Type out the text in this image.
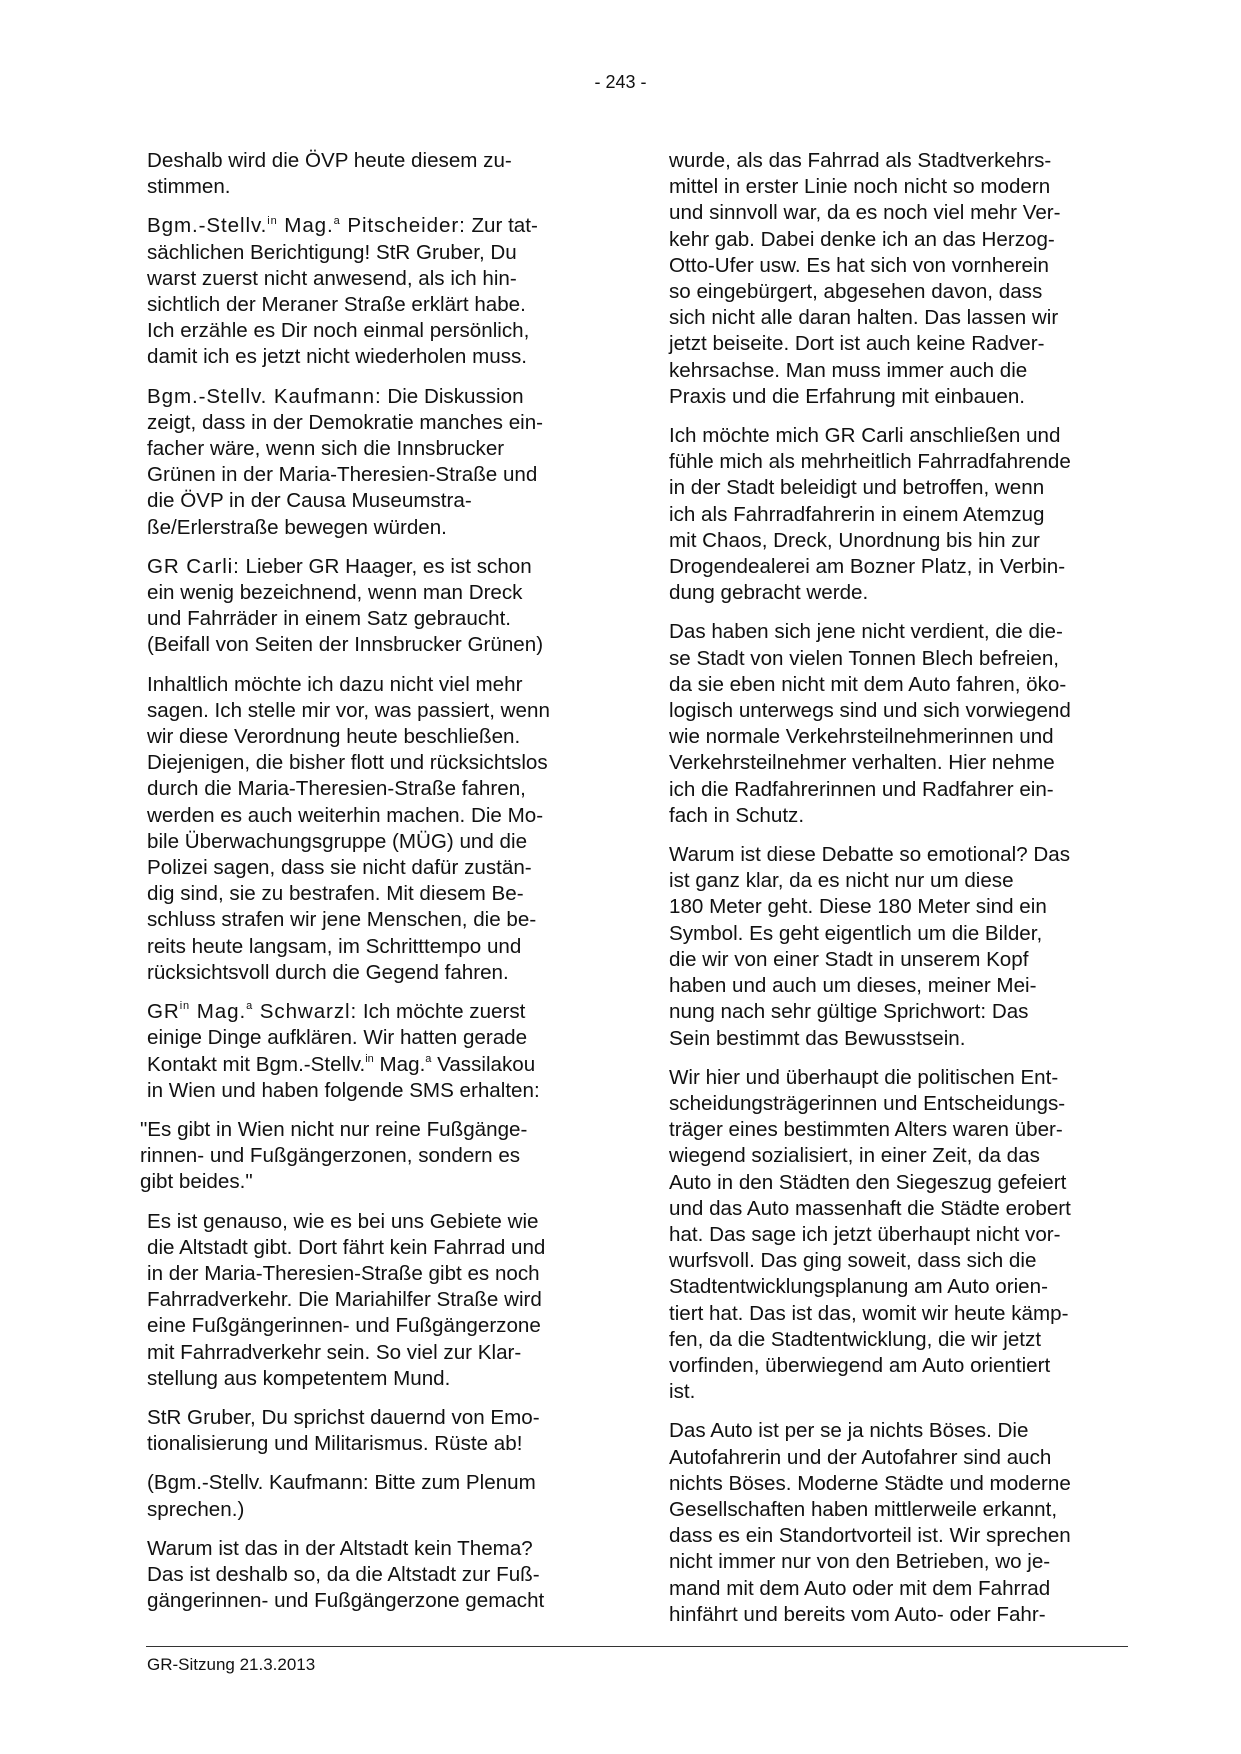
- 243 -
Deshalb wird die ÖVP heute diesem zu-
stimmen.
Bgm.-Stellv.$^{in}$ Mag.$^a$ Pitscheider: Zur tat-
sächlichen Berichtigung! StR Gruber, Du
warst zuerst nicht anwesend, als ich hin-
sichtlich der Meraner Straße erklärt habe.
Ich erzähle es Dir noch einmal persönlich,
damit ich es jetzt nicht wiederholen muss.
Bgm.-Stellv. Kaufmann: Die Diskussion
zeigt, dass in der Demokratie manches ein-
facher wäre, wenn sich die Innsbrucker
Grünen in der Maria-Theresien-Straße und
die ÖVP in der Causa Museumstra-
ße/Erlerstraße bewegen würden.
GR Carli: Lieber GR Haager, es ist schon
ein wenig bezeichnend, wenn man Dreck
und Fahrräder in einem Satz gebraucht.
(Beifall von Seiten der Innsbrucker Grünen)
Inhaltlich möchte ich dazu nicht viel mehr
sagen. Ich stelle mir vor, was passiert, wenn
wir diese Verordnung heute beschließen.
Diejenigen, die bisher flott und rücksichtslos
durch die Maria-Theresien-Straße fahren,
werden es auch weiterhin machen. Die Mo-
bile Überwachungsgruppe (MÜG) und die
Polizei sagen, dass sie nicht dafür zustän-
dig sind, sie zu bestrafen. Mit diesem Be-
schluss strafen wir jene Menschen, die be-
reits heute langsam, im Schritttempo und
rücksichtsvoll durch die Gegend fahren.
$GR^{in}$ Mag.$^a$ Schwarzl: Ich möchte zuerst
einige Dinge aufklären. Wir hatten gerade
Kontakt mit Bgm.-Stellv.$^{in}$ Mag.$^a$ Vassilakou
in Wien und haben folgende SMS erhalten:
"Es gibt in Wien nicht nur reine Fußgänge-
rinnen- und Fußgängerzonen, sondern es
gibt beides."
Es ist genauso, wie es bei uns Gebiete wie
die Altstadt gibt. Dort fährt kein Fahrrad und
in der Maria-Theresien-Straße gibt es noch
Fahrradverkehr. Die Mariahilfer Straße wird
eine Fußgängerinnen- und Fußgängerzone
mit Fahrradverkehr sein. So viel zur Klar-
stellung aus kompetentem Mund.
StR Gruber, Du sprichst dauernd von Emo-
tionalisierung und Militarismus. Rüste ab!
(Bgm.-Stellv. Kaufmann: Bitte zum Plenum
sprechen.)
Warum ist das in der Altstadt kein Thema?
Das ist deshalb so, da die Altstadt zur Fuß-
gängerinnen- und Fußgängerzone gemacht
wurde, als das Fahrrad als Stadtverkehrs-
mittel in erster Linie noch nicht so modern
und sinnvoll war, da es noch viel mehr Ver-
kehr gab. Dabei denke ich an das Herzog-
Otto-Ufer usw. Es hat sich von vornherein
so eingebürgert, abgesehen davon, dass
sich nicht alle daran halten. Das lassen wir
jetzt beiseite. Dort ist auch keine Radver-
kehrsachse. Man muss immer auch die
Praxis und die Erfahrung mit einbauen.
Ich möchte mich GR Carli anschließen und
fühle mich als mehrheitlich Fahrradfahrende
in der Stadt beleidigt und betroffen, wenn
ich als Fahrradfahrerin in einem Atemzug
mit Chaos, Dreck, Unordnung bis hin zur
Drogendealerei am Bozner Platz, in Verbin-
dung gebracht werde.
Das haben sich jene nicht verdient, die die-
se Stadt von vielen Tonnen Blech befreien,
da sie eben nicht mit dem Auto fahren, öko-
logisch unterwegs sind und sich vorwiegend
wie normale Verkehrsteilnehmerinnen und
Verkehrsteilnehmer verhalten. Hier nehme
ich die Radfahrerinnen und Radfahrer ein-
fach in Schutz.
Warum ist diese Debatte so emotional? Das
ist ganz klar, da es nicht nur um diese
180 Meter geht. Diese 180 Meter sind ein
Symbol. Es geht eigentlich um die Bilder,
die wir von einer Stadt in unserem Kopf
haben und auch um dieses, meiner Mei-
nung nach sehr gültige Sprichwort: Das
Sein bestimmt das Bewusstsein.
Wir hier und überhaupt die politischen Ent-
scheidungsträgerinnen und Entscheidungs-
träger eines bestimmten Alters waren über-
wiegend sozialisiert, in einer Zeit, da das
Auto in den Städten den Siegeszug gefeiert
und das Auto massenhaft die Städte erobert
hat. Das sage ich jetzt überhaupt nicht vor-
wurfsvoll. Das ging soweit, dass sich die
Stadtentwicklungsplanung am Auto orien-
tiert hat. Das ist das, womit wir heute kämp-
fen, da die Stadtentwicklung, die wir jetzt
vorfinden, überwiegend am Auto orientiert
ist.
Das Auto ist per se ja nichts Böses. Die
Autofahrerin und der Autofahrer sind auch
nichts Böses. Moderne Städte und moderne
Gesellschaften haben mittlerweile erkannt,
dass es ein Standortvorteil ist. Wir sprechen
nicht immer nur von den Betrieben, wo je-
mand mit dem Auto oder mit dem Fahrrad
hinfährt und bereits vom Auto- oder Fahr-
GR-Sitzung 21.3.2013
